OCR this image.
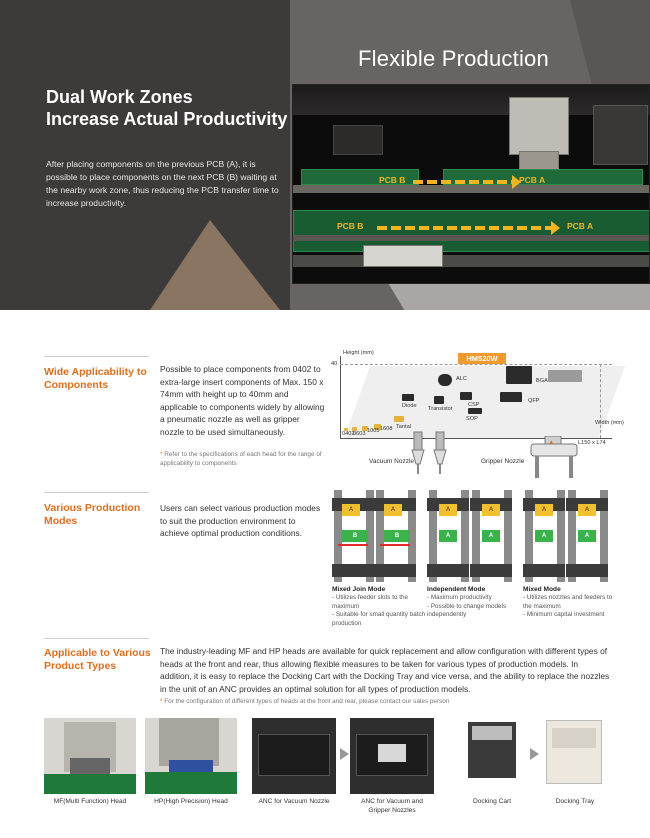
Flexible Production
Dual Work Zones
Increase Actual Productivity
After placing components on the previous PCB (A), it is possible to place components on the next PCB (B) waiting at the nearby work zone, thus reducing the PCB transfer time to increase productivity.
PCB B	PCB A
PCB B	PCB A
Wide Applicability to Components
Possible to place components from 0402 to extra-large insert components of Max. 150 x 74mm with height up to 40mm and applicable to components widely by allowing a pneumatic nozzle as well as gripper nozzle to be used simultaneously.
* Refer to the specifications of each head for the range of applicability to components
Height (mm)
40
Width (mm)
L150 x L74
HM520W
0402
0603 1005 1608 Tantal
Diode
ALC
Transistor
CSP
SOP
BGA
QFP
Vacuum Nozzle	Gripper Nozzle
▲
Various Production Modes
Users can select various production modes to suit the production environment to achieve optimal production conditions.
A
B
A
B
A
A
A
A
A
A
A
A
Mixed Join Mode
- Utilizes feeder slots to the maximum
- Suitable for small quantity batch production
Independent Mode
- Maximum productivity
- Possible to change models independently
Mixed Mode
- Utilizes nozzles and feeders to the maximum
- Minimum capital investment
Applicable to Various Product Types
The industry-leading MF and HP heads are available for quick replacement and allow configuration with different types of heads at the front and rear, thus allowing flexible measures to be taken for various types of production models. In addition, it is easy to replace the Docking Cart with the Docking Tray and vice versa, and the ability to replace the nozzles in the unit of an ANC provides an optimal solution for all types of production models.
* For the configuration of different types of heads at the front and rear, please contact our sales person
MF(Multi Function) Head	HP(High Precision) Head	ANC for Vacuum Nozzle	ANC for Vacuum and Gripper Nozzles
Docking Cart	Docking Tray
